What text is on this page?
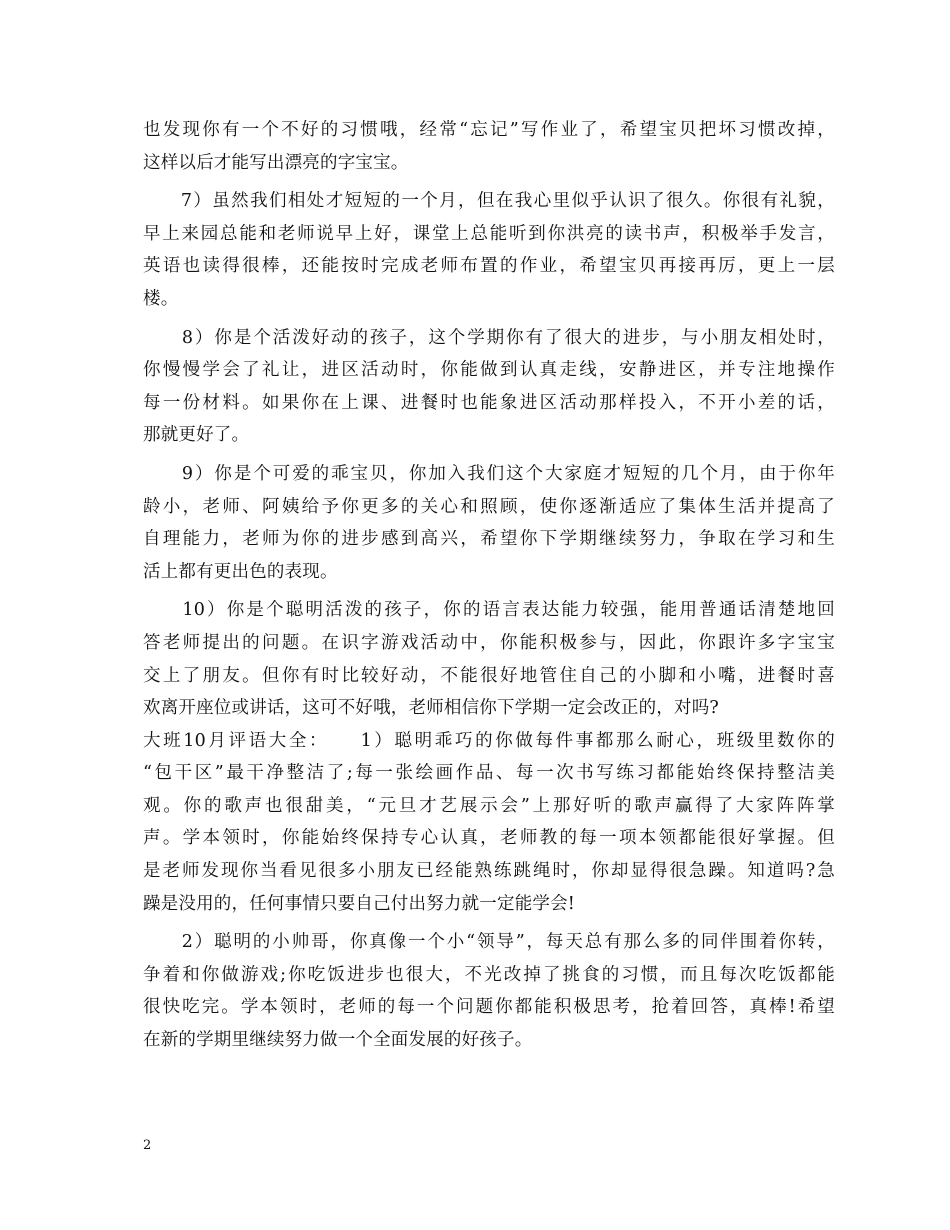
也发现你有一个不好的习惯哦，经常“忘记”写作业了，希望宝贝把坏习惯改掉，
这样以后才能写出漂亮的字宝宝。
　　7）虽然我们相处才短短的一个月，但在我心里似乎认识了很久。你很有礼貌，
早上来园总能和老师说早上好，课堂上总能听到你洪亮的读书声，积极举手发言，
英语也读得很棒，还能按时完成老师布置的作业，希望宝贝再接再厉，更上一层
楼。
　　8）你是个活泼好动的孩子，这个学期你有了很大的进步，与小朋友相处时，
你慢慢学会了礼让，进区活动时，你能做到认真走线，安静进区，并专注地操作
每一份材料。如果你在上课、进餐时也能象进区活动那样投入，不开小差的话，
那就更好了。
　　9）你是个可爱的乖宝贝，你加入我们这个大家庭才短短的几个月，由于你年
龄小，老师、阿姨给予你更多的关心和照顾，使你逐渐适应了集体生活并提高了
自理能力，老师为你的进步感到高兴，希望你下学期继续努力，争取在学习和生
活上都有更出色的表现。
　　10）你是个聪明活泼的孩子，你的语言表达能力较强，能用普通话清楚地回
答老师提出的问题。在识字游戏活动中，你能积极参与，因此，你跟许多字宝宝
交上了朋友。但你有时比较好动，不能很好地管住自己的小脚和小嘴，进餐时喜
欢离开座位或讲话，这可不好哦，老师相信你下学期一定会改正的，对吗?
大班10月评语大全：　　1）聪明乖巧的你做每件事都那么耐心，班级里数你的
“包干区”最干净整洁了;每一张绘画作品、每一次书写练习都能始终保持整洁美
观。你的歌声也很甜美，“元旦才艺展示会”上那好听的歌声赢得了大家阵阵掌
声。学本领时，你能始终保持专心认真，老师教的每一项本领都能很好掌握。但
是老师发现你当看见很多小朋友已经能熟练跳绳时，你却显得很急躁。知道吗?急
躁是没用的，任何事情只要自己付出努力就一定能学会!
　　2）聪明的小帅哥，你真像一个小“领导”，每天总有那么多的同伴围着你转，
争着和你做游戏;你吃饭进步也很大，不光改掉了挑食的习惯，而且每次吃饭都能
很快吃完。学本领时，老师的每一个问题你都能积极思考，抢着回答，真棒!希望
在新的学期里继续努力做一个全面发展的好孩子。
2
